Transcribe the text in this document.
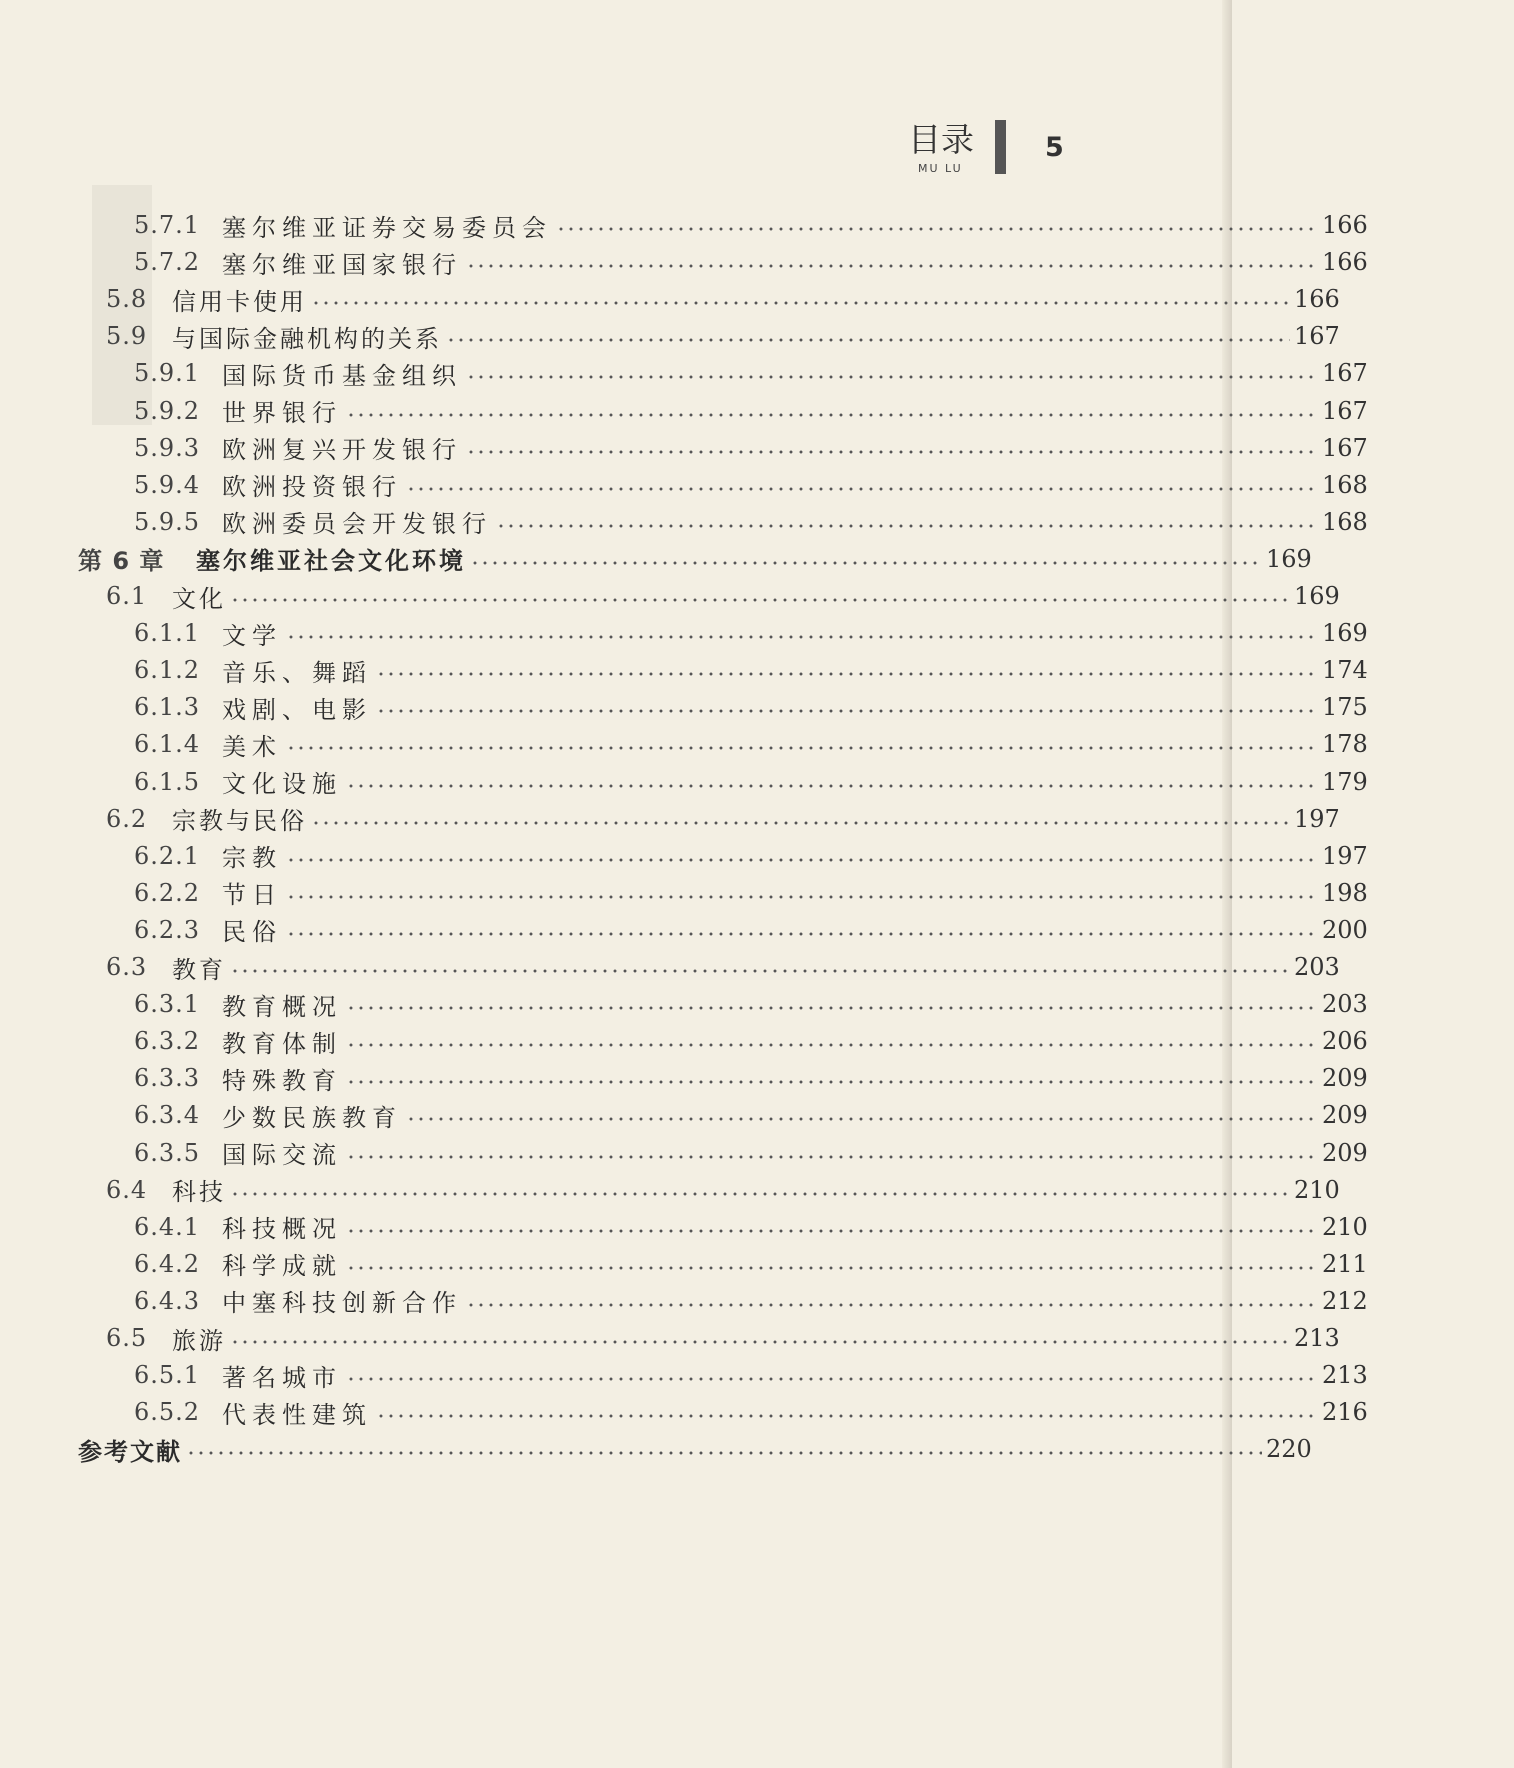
目录
MU LU
5
5.7.1 塞尔维亚证券交易委员会	166
5.7.2 塞尔维亚国家银行	166
5.8	信用卡使用	166
5.9	与国际金融机构的关系	167
5.9.1 国际货币基金组织	167
5.9.2 世界银行	167
5.9.3 欧洲复兴开发银行	167
5.9.4 欧洲投资银行	168
5.9.5 欧洲委员会开发银行	168
第 6 章	塞尔维亚社会文化环境	169
6.1	文化	169
6.1.1 文学	169
6.1.2 音乐、舞蹈	174
6.1.3 戏剧、电影	175
6.1.4 美术	178
6.1.5 文化设施	179
6.2	宗教与民俗	197
6.2.1 宗教	197
6.2.2 节日	198
6.2.3 民俗	200
6.3	教育	203
6.3.1 教育概况	203
6.3.2 教育体制	206
6.3.3 特殊教育	209
6.3.4 少数民族教育	209
6.3.5 国际交流	209
6.4	科技	210
6.4.1 科技概况	210
6.4.2 科学成就	211
6.4.3 中塞科技创新合作	212
6.5	旅游	213
6.5.1 著名城市	213
6.5.2 代表性建筑	216
参考文献	220
